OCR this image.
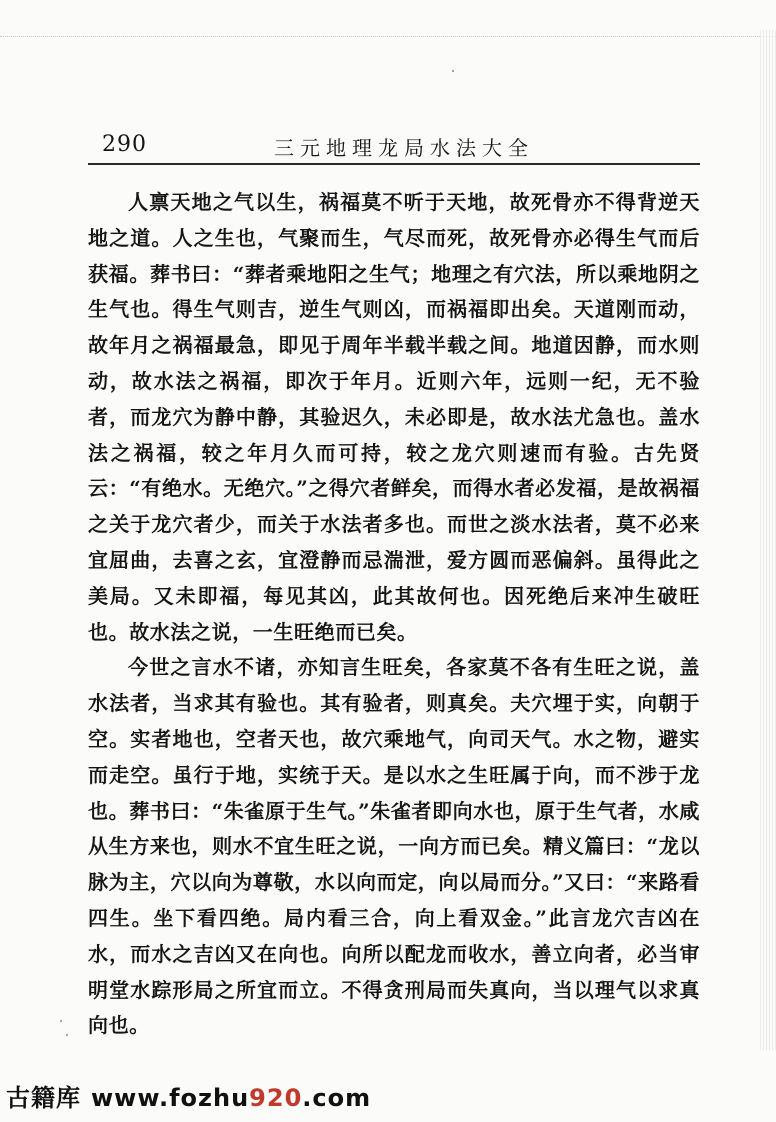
290	三元地理龙局水法大全

人禀天地之气以生，祸福莫不听于天地，故死骨亦不得背逆天地之道。人之生也，气聚而生，气尽而死，故死骨亦必得生气而后获福。葬书曰：“葬者乘地阳之生气；地理之有穴法，所以乘地阴之生气也。得生气则吉，逆生气则凶，而祸福即出矣。天道刚而动，故年月之祸福最急，即见于周年半载半载之间。地道因静，而水则动，故水法之祸福，即次于年月。近则六年，远则一纪，无不验者，而龙穴为静中静，其验迟久，未必即是，故水法尤急也。盖水法之祸福，较之年月久而可持，较之龙穴则速而有验。古先贤云：“有绝水。无绝穴。”之得穴者鲜矣，而得水者必发福，是故祸福之关于龙穴者少，而关于水法者多也。而世之淡水法者，莫不必来宜屈曲，去喜之玄，宜澄静而忌湍泄，爱方圆而恶偏斜。虽得此之美局。又未即福，每见其凶，此其故何也。因死绝后来冲生破旺也。故水法之说，一生旺绝而已矣。

今世之言水不诸，亦知言生旺矣，各家莫不各有生旺之说，盖水法者，当求其有验也。其有验者，则真矣。夫穴埋于实，向朝于空。实者地也，空者天也，故穴乘地气，向司天气。水之物，避实而走空。虽行于地，实统于天。是以水之生旺属于向，而不涉于龙也。葬书曰：“朱雀原于生气。”朱雀者即向水也，原于生气者，水咸从生方来也，则水不宜生旺之说，一向方而已矣。精义篇曰：“龙以脉为主，穴以向为尊敬，水以向而定，向以局而分。”又曰：“来路看四生。坐下看四绝。局内看三合，向上看双金。”此言龙穴吉凶在水，而水之吉凶又在向也。向所以配龙而收水，善立向者，必当审明堂水踪形局之所宜而立。不得贪刑局而失真向，当以理气以求真向也。

古籍库 www.fozhu920.com
